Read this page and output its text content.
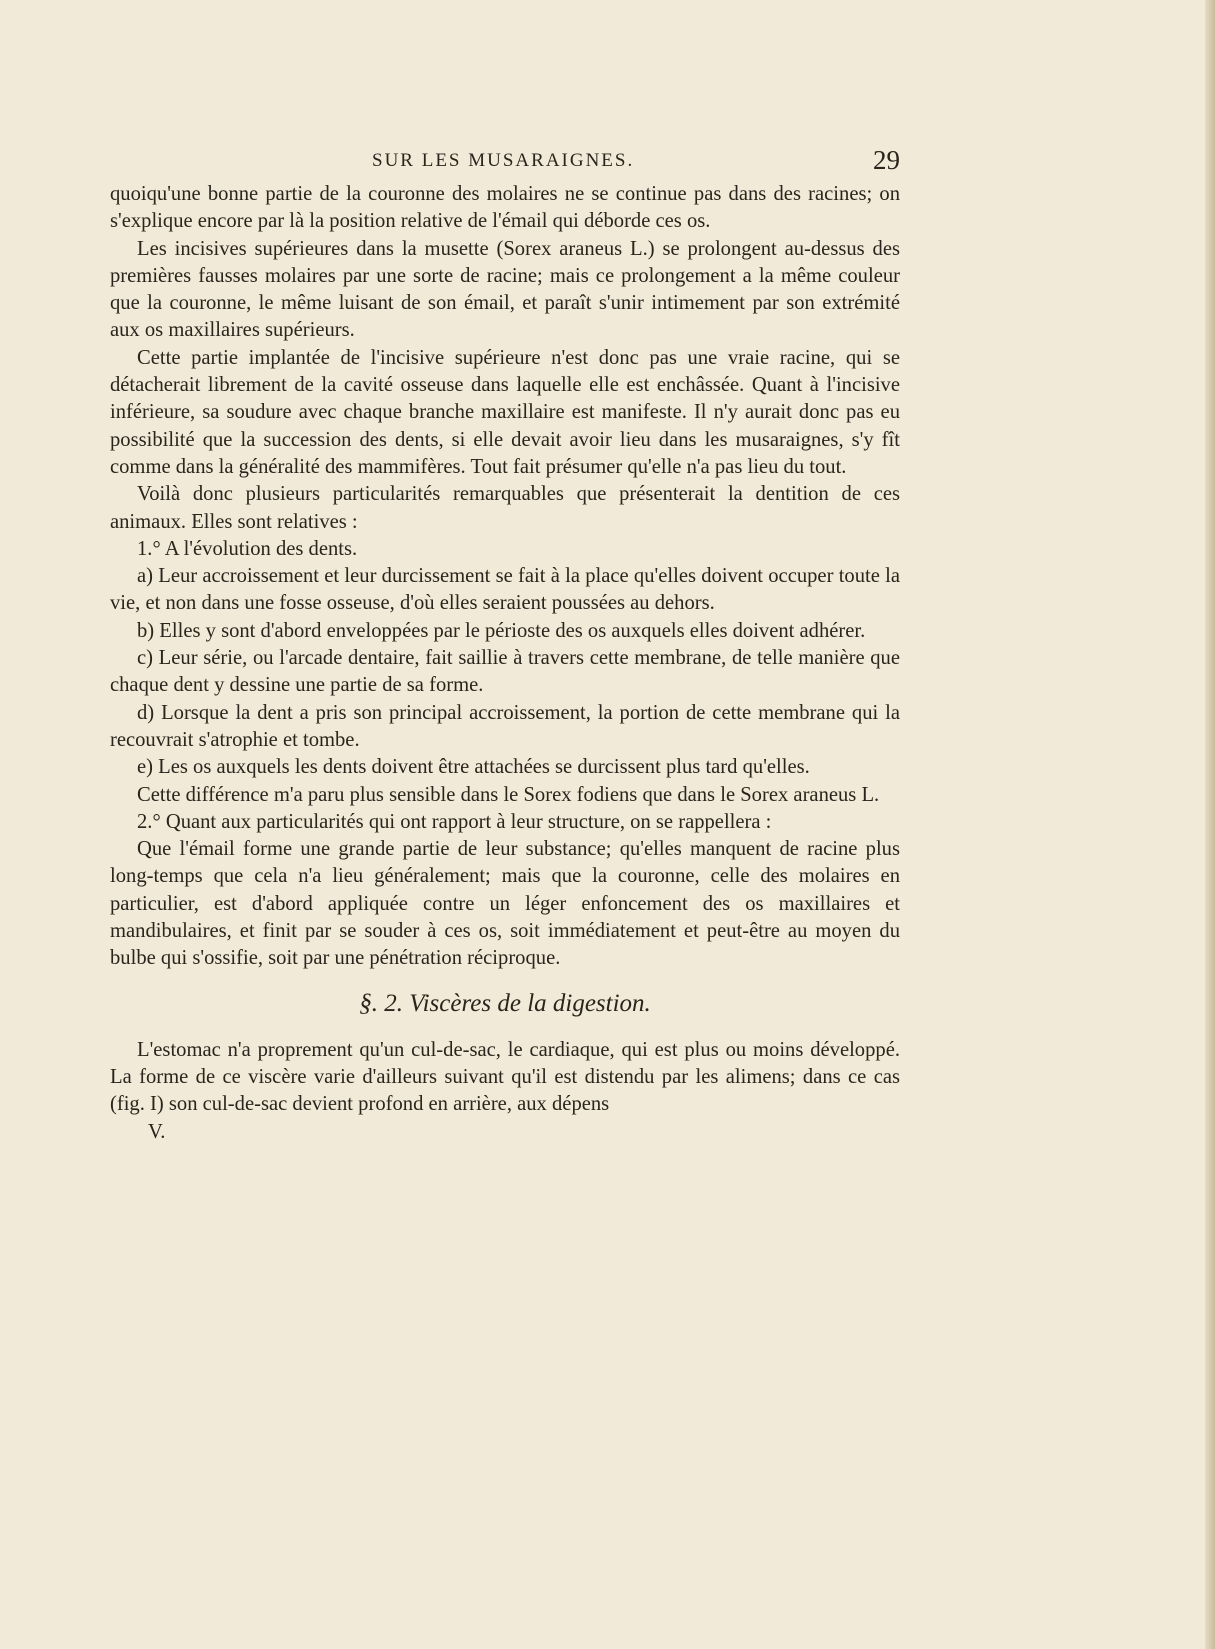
SUR LES MUSARAIGNES.	29

quoiqu'une bonne partie de la couronne des molaires ne se continue pas dans des racines; on s'explique encore par là la position relative de l'émail qui déborde ces os.

Les incisives supérieures dans la musette (Sorex araneus L.) se prolongent au-dessus des premières fausses molaires par une sorte de racine; mais ce prolongement a la même couleur que la couronne, le même luisant de son émail, et paraît s'unir intimement par son extrémité aux os maxillaires supérieurs.

Cette partie implantée de l'incisive supérieure n'est donc pas une vraie racine, qui se détacherait librement de la cavité osseuse dans laquelle elle est enchâssée. Quant à l'incisive inférieure, sa soudure avec chaque branche maxillaire est manifeste. Il n'y aurait donc pas eu possibilité que la succession des dents, si elle devait avoir lieu dans les musaraignes, s'y fît comme dans la généralité des mammifères. Tout fait présumer qu'elle n'a pas lieu du tout.

Voilà donc plusieurs particularités remarquables que présenterait la dentition de ces animaux. Elles sont relatives :

1.° A l'évolution des dents.

a) Leur accroissement et leur durcissement se fait à la place qu'elles doivent occuper toute la vie, et non dans une fosse osseuse, d'où elles seraient poussées au dehors.

b) Elles y sont d'abord enveloppées par le périoste des os auxquels elles doivent adhérer.

c) Leur série, ou l'arcade dentaire, fait saillie à travers cette membrane, de telle manière que chaque dent y dessine une partie de sa forme.

d) Lorsque la dent a pris son principal accroissement, la portion de cette membrane qui la recouvrait s'atrophie et tombe.

e) Les os auxquels les dents doivent être attachées se durcissent plus tard qu'elles.

Cette différence m'a paru plus sensible dans le Sorex fodiens que dans le Sorex araneus L.

2.° Quant aux particularités qui ont rapport à leur structure, on se rappellera :

Que l'émail forme une grande partie de leur substance; qu'elles manquent de racine plus long-temps que cela n'a lieu généralement; mais que la couronne, celle des molaires en particulier, est d'abord appliquée contre un léger enfoncement des os maxillaires et mandibulaires, et finit par se souder à ces os, soit immédiatement et peut-être au moyen du bulbe qui s'ossifie, soit par une pénétration réciproque.

§. 2. Viscères de la digestion.

L'estomac n'a proprement qu'un cul-de-sac, le cardiaque, qui est plus ou moins développé. La forme de ce viscère varie d'ailleurs suivant qu'il est distendu par les alimens; dans ce cas (fig. I) son cul-de-sac devient profond en arrière, aux dépens

V.
